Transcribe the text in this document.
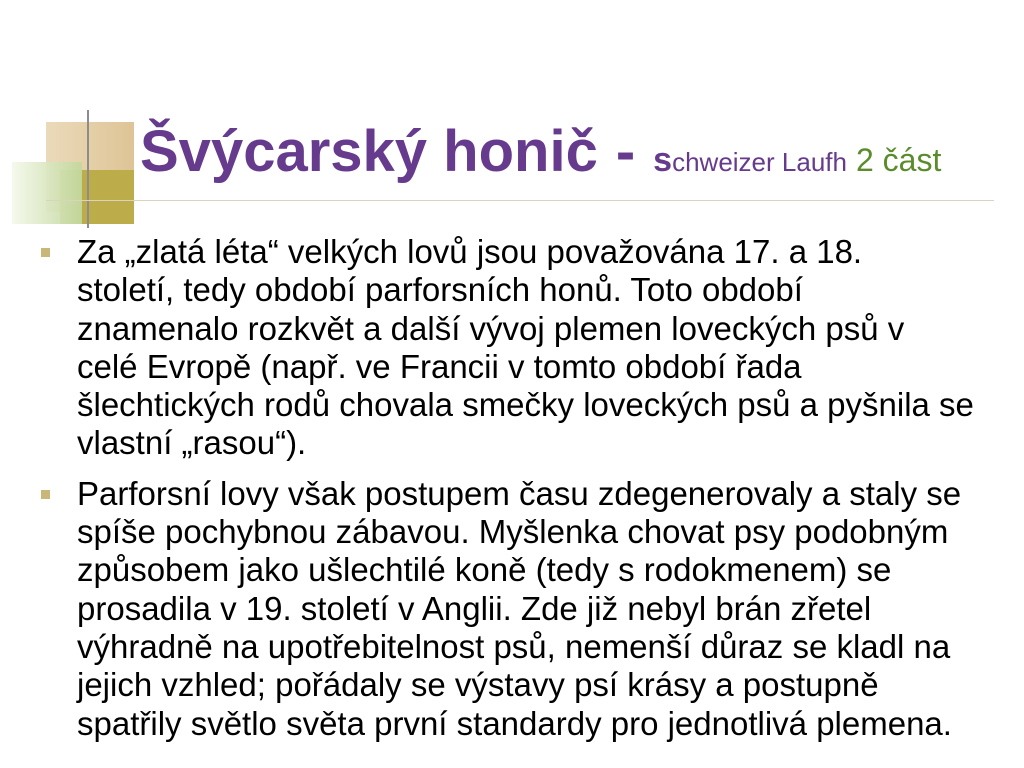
Švýcarský honič - schweizer Laufh 2 část
Za „zlatá léta“ velkých lovů jsou považována 17. a 18.
století, tedy období parforsních honů. Toto období
znamenalo rozkvět a další vývoj plemen loveckých psů v
celé Evropě (např. ve Francii v tomto období řada
šlechtických rodů chovala smečky loveckých psů a pyšnila se
vlastní „rasou“).
Parforsní lovy však postupem času zdegenerovaly a staly se
spíše pochybnou zábavou. Myšlenka chovat psy podobným
způsobem jako ušlechtilé koně (tedy s rodokmenem) se
prosadila v 19. století v Anglii. Zde již nebyl brán zřetel
výhradně na upotřebitelnost psů, nemenší důraz se kladl na
jejich vzhled; pořádaly se výstavy psí krásy a postupně
spatřily světlo světa první standardy pro jednotlivá plemena.
